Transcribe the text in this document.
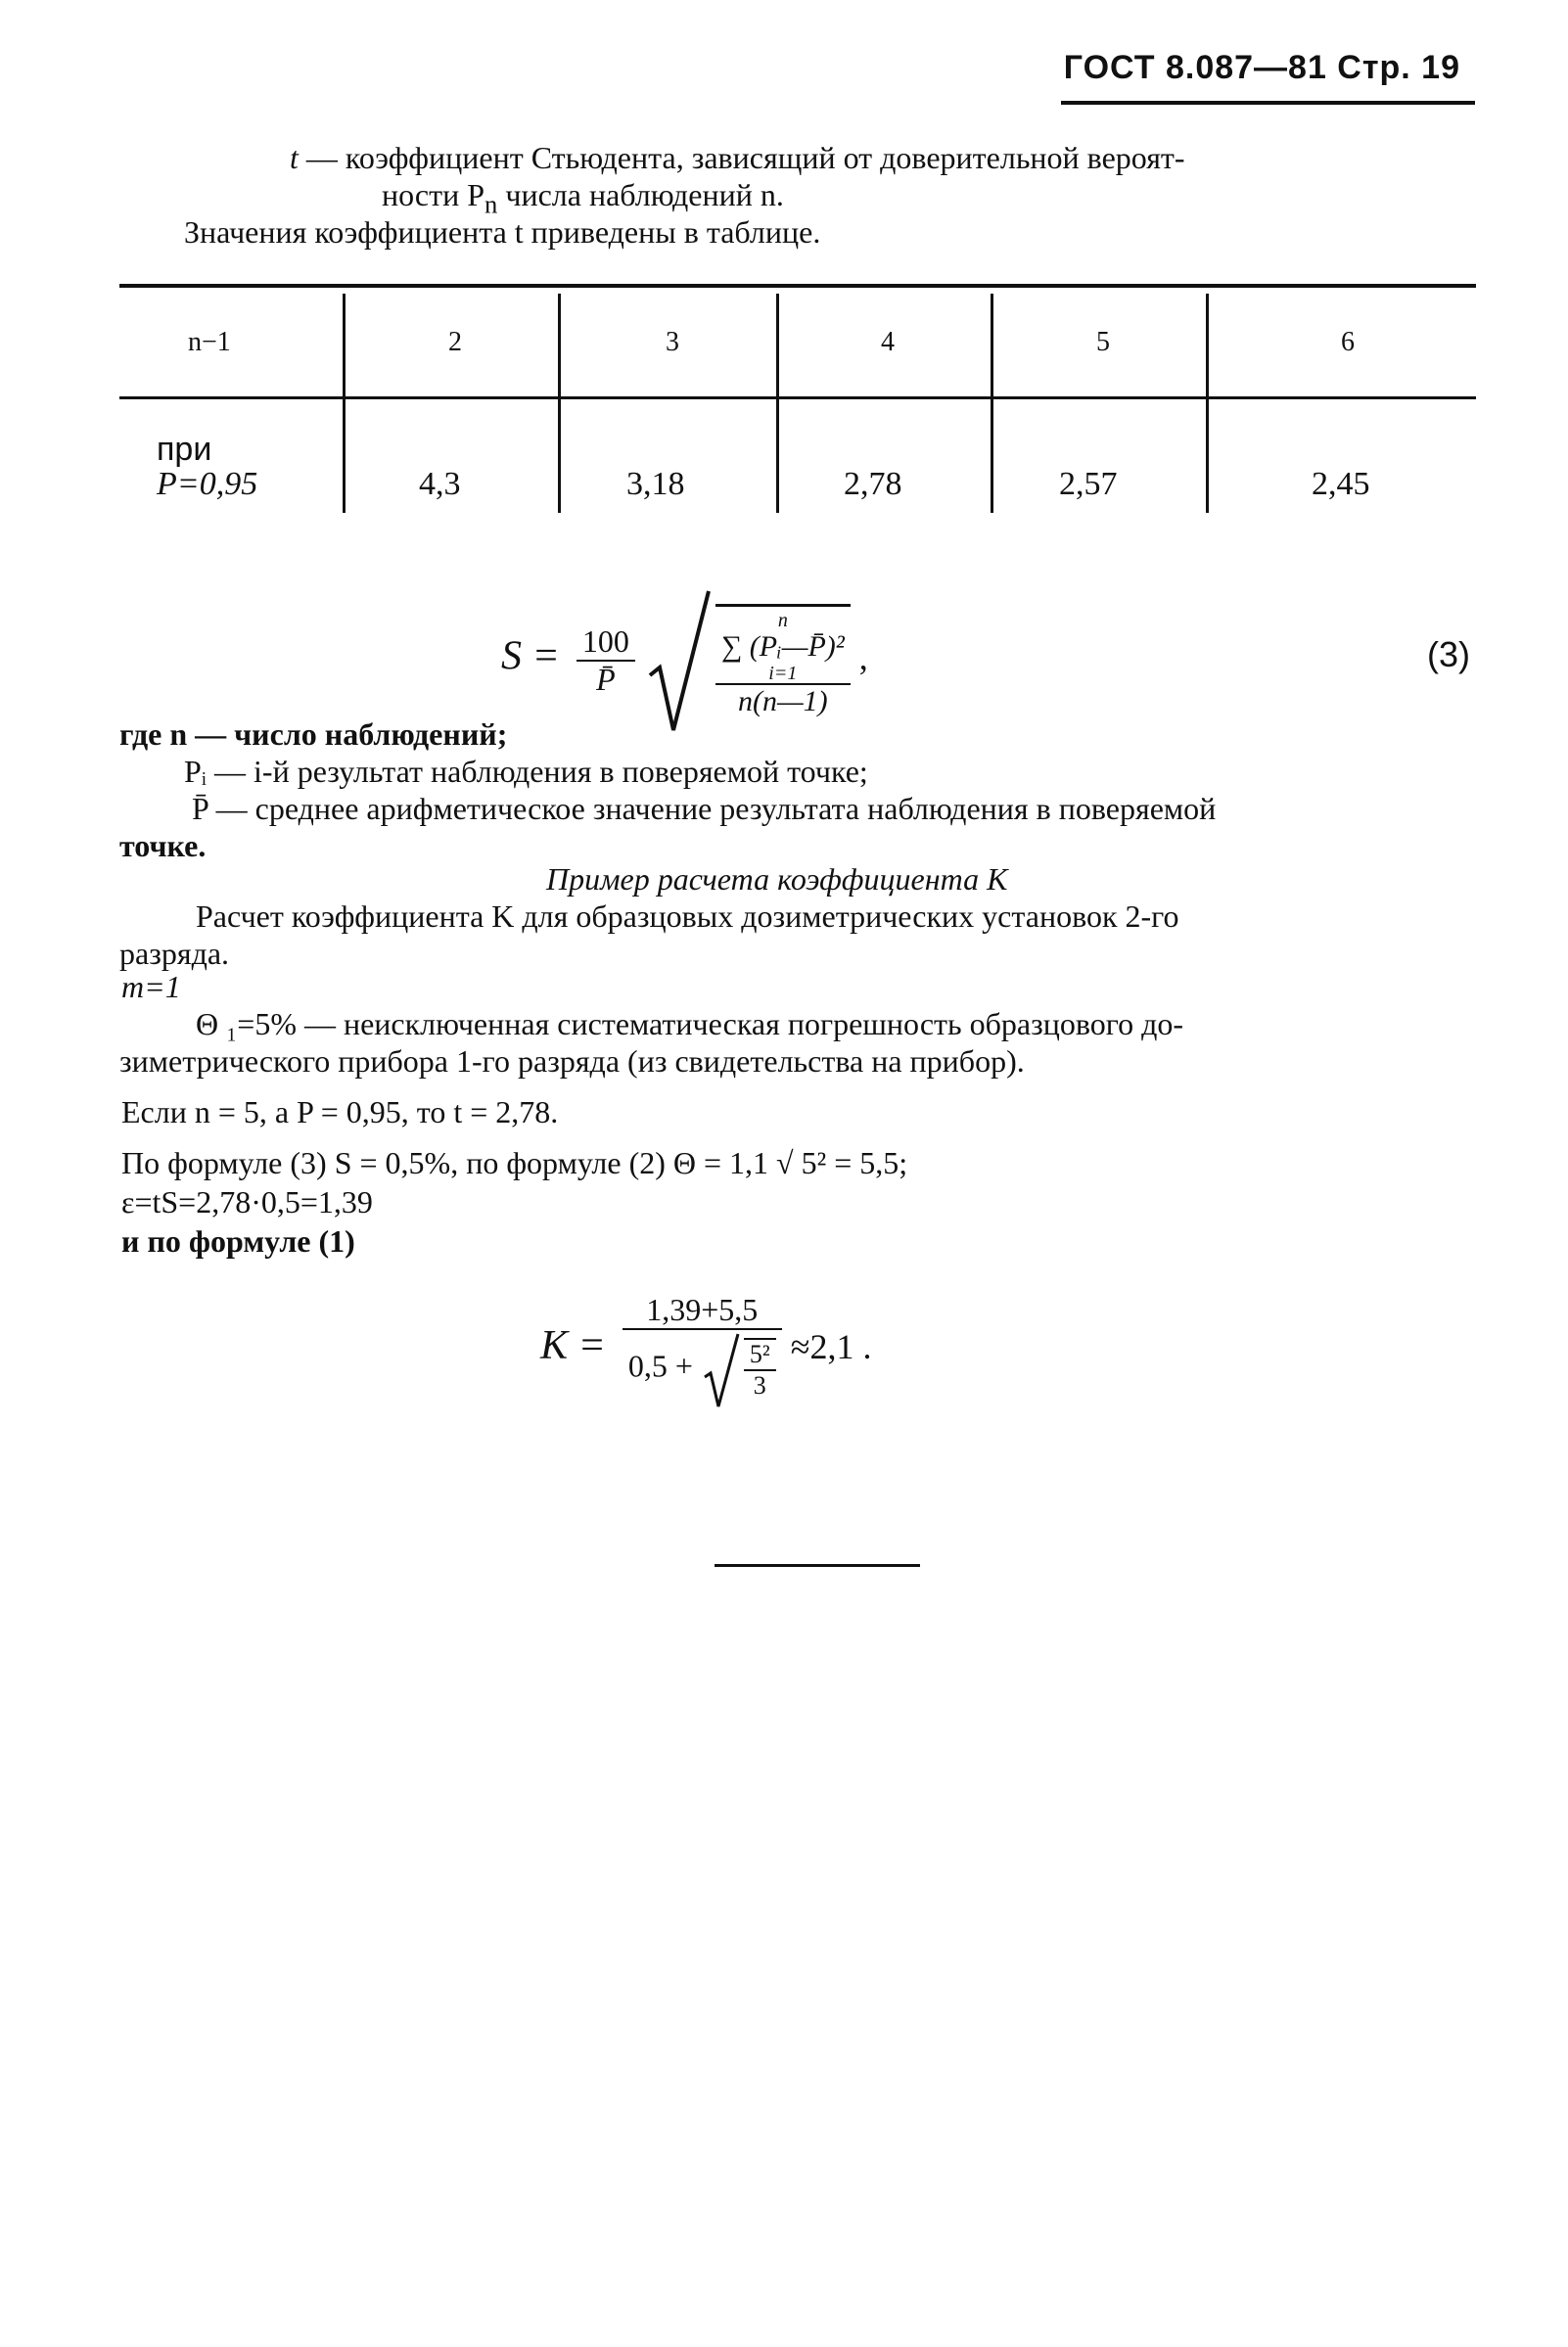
ГОСТ 8.087—81 Стр. 19

t — коэффициент Стьюдента, зависящий от доверительной вероят-

ности $P_n$ числа наблюдений n.

Значения коэффициента t приведены в таблице.

n−1	2	3	4	5	6
при
P=0,95	4,3	3,18	2,78	2,57	2,45
$S = \frac{100}{P̄}$
	n
∑ (Pᵢ—P̄)²
i=1
n(n—1) ,	(3)

где n — число наблюдений;

Pᵢ — i-й результат наблюдения в поверяемой точке;

P̄ — среднее арифметическое значение результата наблюдения в поверяемой

точке.

Пример расчета коэффициента K

Расчет коэффициента K для образцовых дозиметрических установок 2-го

разряда.

m=1

Θ ₁=5% — неисключенная систематическая погрешность образцового до-

зиметрического прибора 1-го разряда (из свидетельства на прибор).

Если n = 5, а P = 0,95, то t = 2,78.

По формуле (3) S = 0,5%, по формуле (2) Θ = 1,1 √ 5² = 5,5;

ε=tS=2,78·0,5=1,39

и по формуле (1)

$K = \frac{1,39+5,5}{0,5 + \frac{\text{5²}}{3}} \approx 2,1$ .
